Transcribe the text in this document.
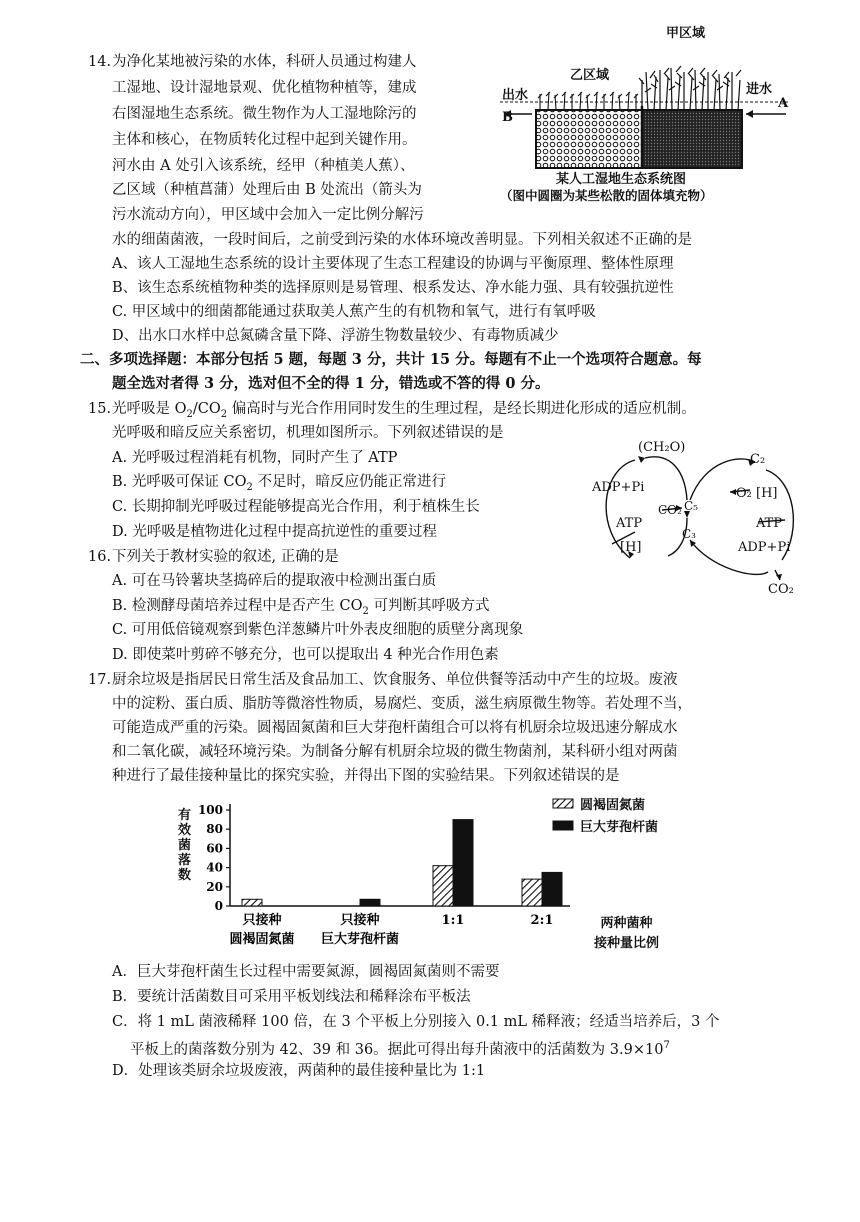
14. 为净化某地被污染的水体，科研人员通过构建人
工湿地、设计湿地景观、优化植物种植等，建成
右图湿地生态系统。微生物作为人工湿地除污的
主体和核心，在物质转化过程中起到关键作用。
河水由 A 处引入该系统，经甲（种植美人蕉）、
乙区域（种植菖蒲）处理后由 B 处流出（箭头为
污水流动方向），甲区域中会加入一定比例分解污
水的细菌菌液，一段时间后，之前受到污染的水体环境改善明显。下列相关叙述不正确的是
甲区域
乙区域
出水	进水
A
B
某人工湿地生态系统图
（图中圆圈为某些松散的固体填充物）
A、该人工湿地生态系统的设计主要体现了生态工程建设的协调与平衡原理、整体性原理
B、该生态系统植物种类的选择原则是易管理、根系发达、净水能力强、具有较强抗逆性
C. 甲区域中的细菌都能通过获取美人蕉产生的有机物和氧气，进行有氧呼吸
D、出水口水样中总氮磷含量下降、浮游生物数量较少、有毒物质减少
二、多项选择题：本部分包括 5 题，每题 3 分，共计 15 分。每题有不止一个选项符合题意。每
题全选对者得 3 分，选对但不全的得 1 分，错选或不答的得 0 分。
15. 光呼吸是 $O_2/CO_2$ 偏高时与光合作用同时发生的生理过程，是经长期进化形成的适应机制。
光呼吸和暗反应关系密切，机理如图所示。下列叙述错误的是
A. 光呼吸过程消耗有机物，同时产生了 ATP
B. 光呼吸可保证 $CO_2$ 不足时，暗反应仍能正常进行
C. 长期抑制光呼吸过程能够提高光合作用，利于植株生长
D. 光呼吸是植物进化过程中提高抗逆性的重要过程
(CH₂O)
C₂
ADP+Pi	O₂ [H]
CO₂ C₅
ATP	ATP
C₃
[H]	ADP+Pi
CO₂
16. 下列关于教材实验的叙述, 正确的是
A. 可在马铃薯块茎捣碎后的提取液中检测出蛋白质
B. 检测酵母菌培养过程中是否产生 $CO_2$ 可判断其呼吸方式
C. 可用低倍镜观察到紫色洋葱鳞片叶外表皮细胞的质壁分离现象
D. 即使菜叶剪碎不够充分，也可以提取出 4 种光合作用色素
17. 厨余垃圾是指居民日常生活及食品加工、饮食服务、单位供餐等活动中产生的垃圾。废液
中的淀粉、蛋白质、脂肪等微溶性物质，易腐烂、变质，滋生病原微生物等。若处理不当，
可能造成严重的污染。圆褐固氮菌和巨大芽孢杆菌组合可以将有机厨余垃圾迅速分解成水
和二氧化碳，减轻环境污染。为制备分解有机厨余垃圾的微生物菌剂，某科研小组对两菌
种进行了最佳接种量比的探究实验，并得出下图的实验结果。下列叙述错误的是
0
20
40
60
80
100
只接种
圆褐固氮菌
只接种
巨大芽孢杆菌
1:1	2:1
有效菌落数
圆褐固氮菌
巨大芽孢杆菌
两种菌种
接种量比例
A．巨大芽孢杆菌生长过程中需要氮源，圆褐固氮菌则不需要
B．要统计活菌数目可采用平板划线法和稀释涂布平板法
C．将 1 mL 菌液稀释 100 倍，在 3 个平板上分别接入 0.1 mL 稀释液；经适当培养后，3 个
平板上的菌落数分别为 42、39 和 36。据此可得出每升菌液中的活菌数为 $3.9\times 10^7$
D．处理该类厨余垃圾废液，两菌种的最佳接种量比为 1:1
